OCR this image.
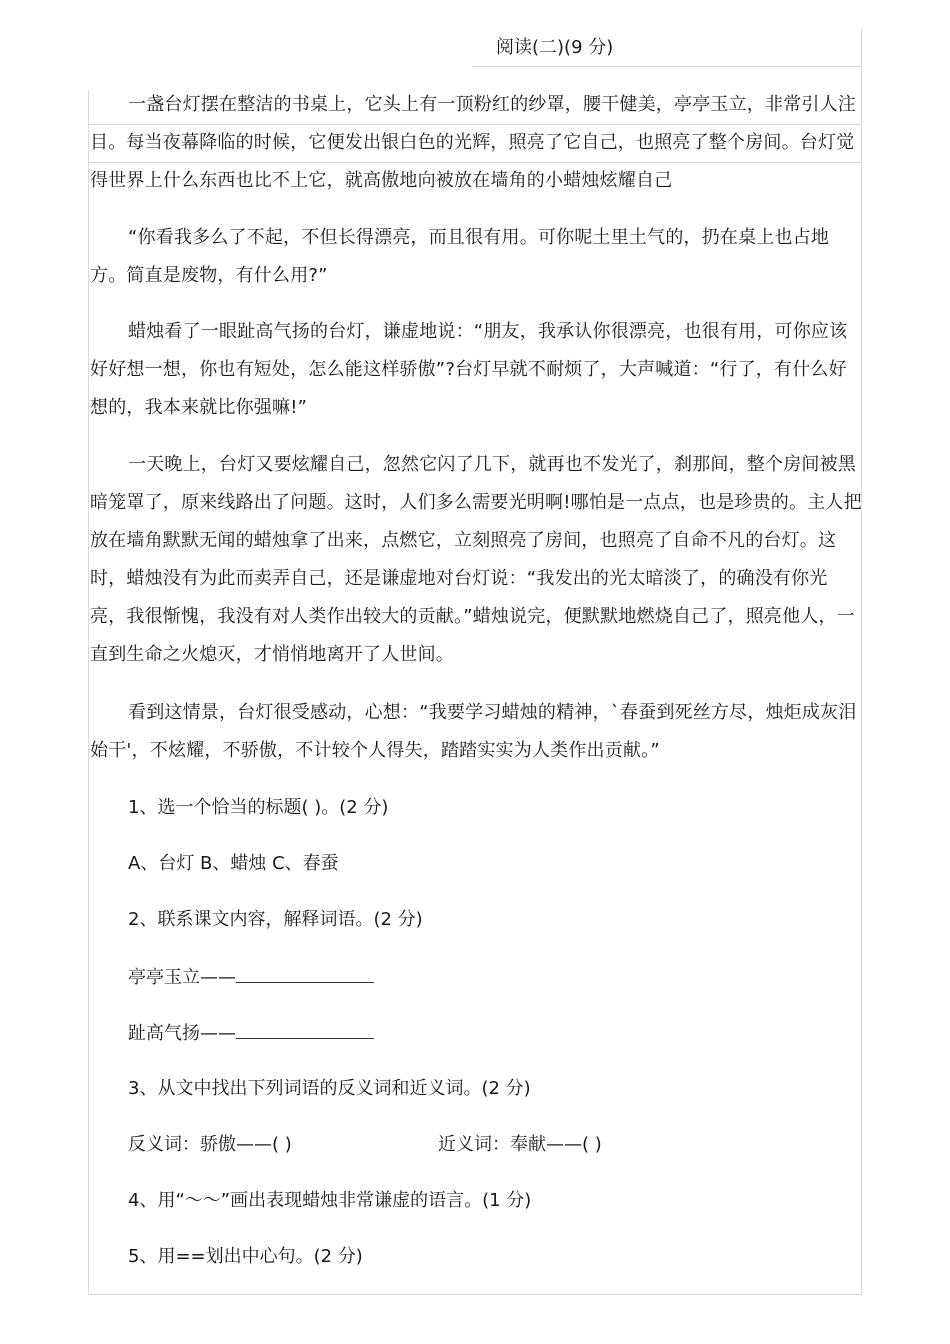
阅读(二)(9 分)

一盏台灯摆在整洁的书桌上，它头上有一顶粉红的纱罩，腰干健美，亭亭玉立，非常引人注目。每当夜幕降临的时候，它便发出银白色的光辉，照亮了它自己，也照亮了整个房间。台灯觉得世界上什么东西也比不上它，就高傲地向被放在墙角的小蜡烛炫耀自己

“你看我多么了不起，不但长得漂亮，而且很有用。可你呢土里土气的，扔在桌上也占地方。简直是废物，有什么用?”

蜡烛看了一眼趾高气扬的台灯，谦虚地说：“朋友，我承认你很漂亮，也很有用，可你应该好好想一想，你也有短处，怎么能这样骄傲”?台灯早就不耐烦了，大声喊道：“行了，有什么好想的，我本来就比你强嘛!”

一天晚上，台灯又要炫耀自己，忽然它闪了几下，就再也不发光了，刹那间，整个房间被黑暗笼罩了，原来线路出了问题。这时，人们多么需要光明啊!哪怕是一点点，也是珍贵的。主人把放在墙角默默无闻的蜡烛拿了出来，点燃它，立刻照亮了房间，也照亮了自命不凡的台灯。这时，蜡烛没有为此而卖弄自己，还是谦虚地对台灯说：“我发出的光太暗淡了，的确没有你光亮，我很惭愧，我没有对人类作出较大的贡献。”蜡烛说完，便默默地燃烧自己了，照亮他人，一直到生命之火熄灭，才悄悄地离开了人世间。

看到这情景，台灯很受感动，心想：“我要学习蜡烛的精神，`春蚕到死丝方尽，烛炬成灰泪始干'，不炫耀，不骄傲，不计较个人得失，踏踏实实为人类作出贡献。”

1、选一个恰当的标题( )。(2 分)

A、台灯 B、蜡烛 C、春蚕

2、联系课文内容，解释词语。(2 分)

亭亭玉立——

趾高气扬——

3、从文中找出下列词语的反义词和近义词。(2 分)

反义词：骄傲——( )	近义词：奉献——( )

4、用“～～”画出表现蜡烛非常谦虚的语言。(1 分)

5、用==划出中心句。(2 分)
